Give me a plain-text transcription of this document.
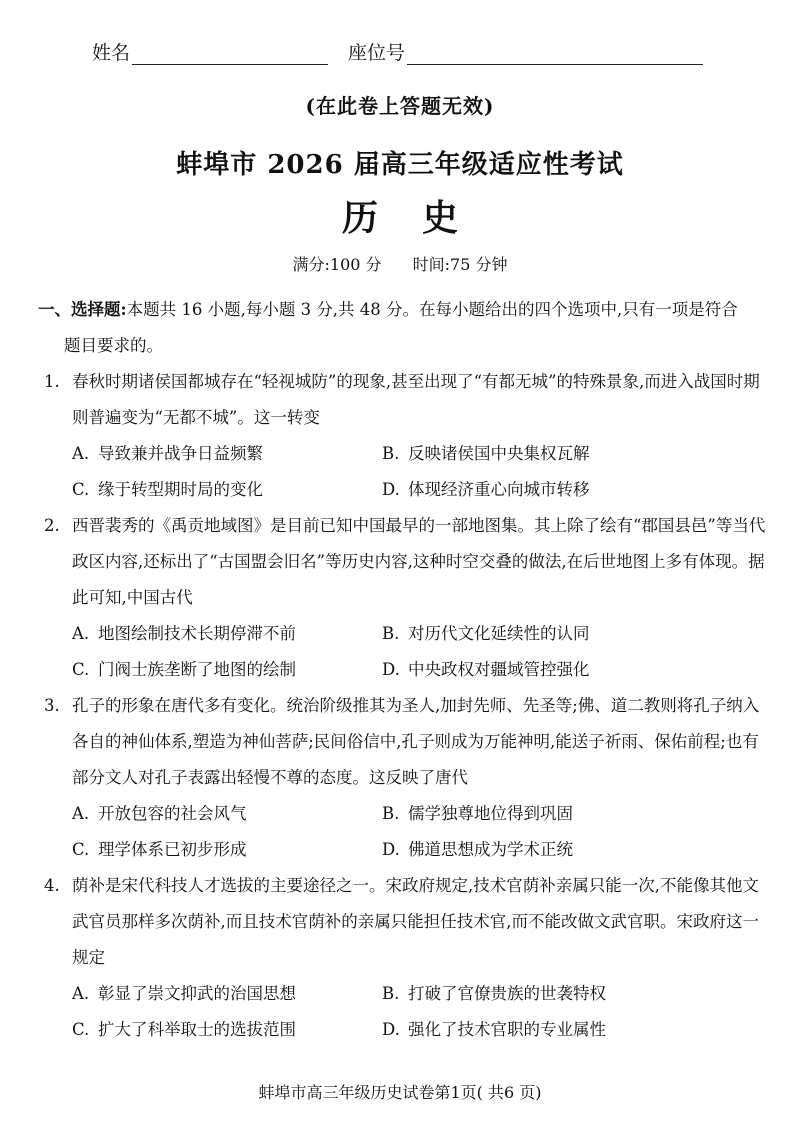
姓名	座位号
(在此卷上答题无效)
蚌埠市 2026 届高三年级适应性考试
历史
满分:100 分 时间:75 分钟

一、选择题:本题共 16 小题,每小题 3 分,共 48 分。在每小题给出的四个选项中,只有一项是符合
题目要求的。

1. 春秋时期诸侯国都城存在“轻视城防”的现象,甚至出现了“有都无城”的特殊景象,而进入战国时期则普遍变为“无都不城”。这一转变
A. 导致兼并战争日益频繁	B. 反映诸侯国中央集权瓦解
C. 缘于转型期时局的变化	D. 体现经济重心向城市转移
2. 西晋裴秀的《禹贡地域图》是目前已知中国最早的一部地图集。其上除了绘有“郡国县邑”等当代政区内容,还标出了“古国盟会旧名”等历史内容,这种时空交叠的做法,在后世地图上多有体现。据此可知,中国古代
A. 地图绘制技术长期停滞不前	B. 对历代文化延续性的认同
C. 门阀士族垄断了地图的绘制	D. 中央政权对疆域管控强化
3. 孔子的形象在唐代多有变化。统治阶级推其为圣人,加封先师、先圣等;佛、道二教则将孔子纳入各自的神仙体系,塑造为神仙菩萨;民间俗信中,孔子则成为万能神明,能送子祈雨、保佑前程;也有部分文人对孔子表露出轻慢不尊的态度。这反映了唐代
A. 开放包容的社会风气	B. 儒学独尊地位得到巩固
C. 理学体系已初步形成	D. 佛道思想成为学术正统
4. 荫补是宋代科技人才选拔的主要途径之一。宋政府规定,技术官荫补亲属只能一次,不能像其他文武官员那样多次荫补,而且技术官荫补的亲属只能担任技术官,而不能改做文武官职。宋政府这一规定
A. 彰显了崇文抑武的治国思想	B. 打破了官僚贵族的世袭特权
C. 扩大了科举取士的选拔范围	D. 强化了技术官职的专业属性
蚌埠市高三年级历史试卷第1页( 共6 页)
